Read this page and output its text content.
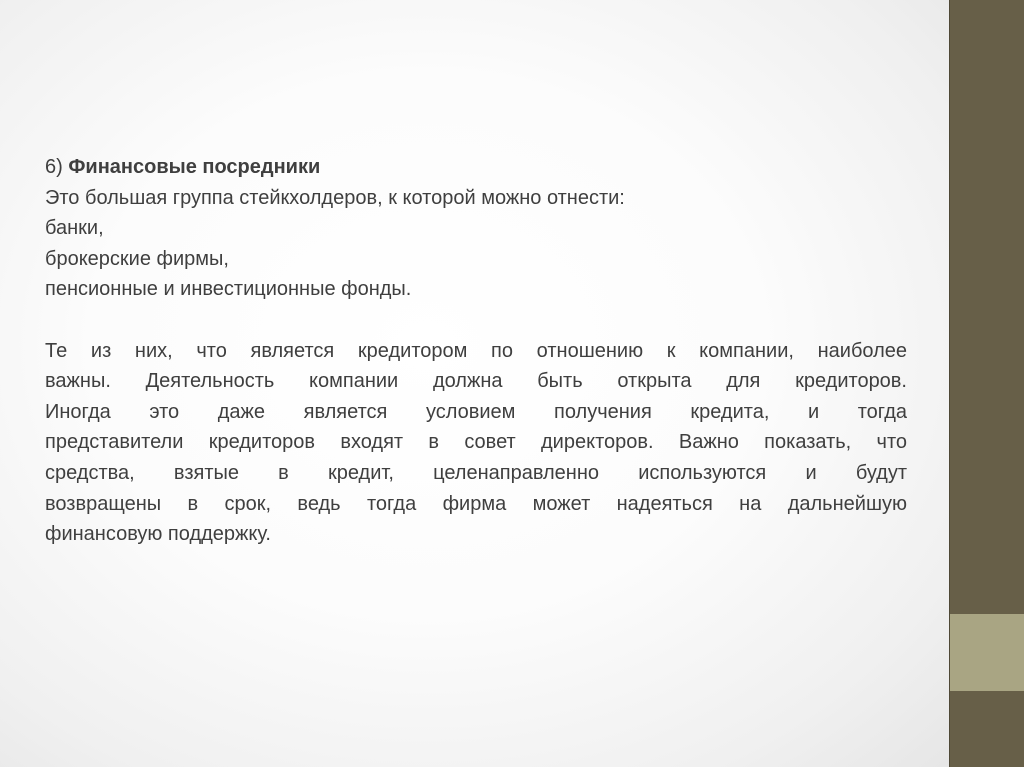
6) Финансовые посредники
Это большая группа стейкхолдеров, к которой можно отнести:
банки,
брокерские фирмы,
пенсионные и инвестиционные фонды.
Те из них, что является кредитором по отношению к компании, наиболее
важны. Деятельность компании должна быть открыта для кредиторов.
Иногда это даже является условием получения кредита, и тогда
представители кредиторов входят в совет директоров. Важно показать, что
средства, взятые в кредит, целенаправленно используются и будут
возвращены в срок, ведь тогда фирма может надеяться на дальнейшую
финансовую поддержку.
